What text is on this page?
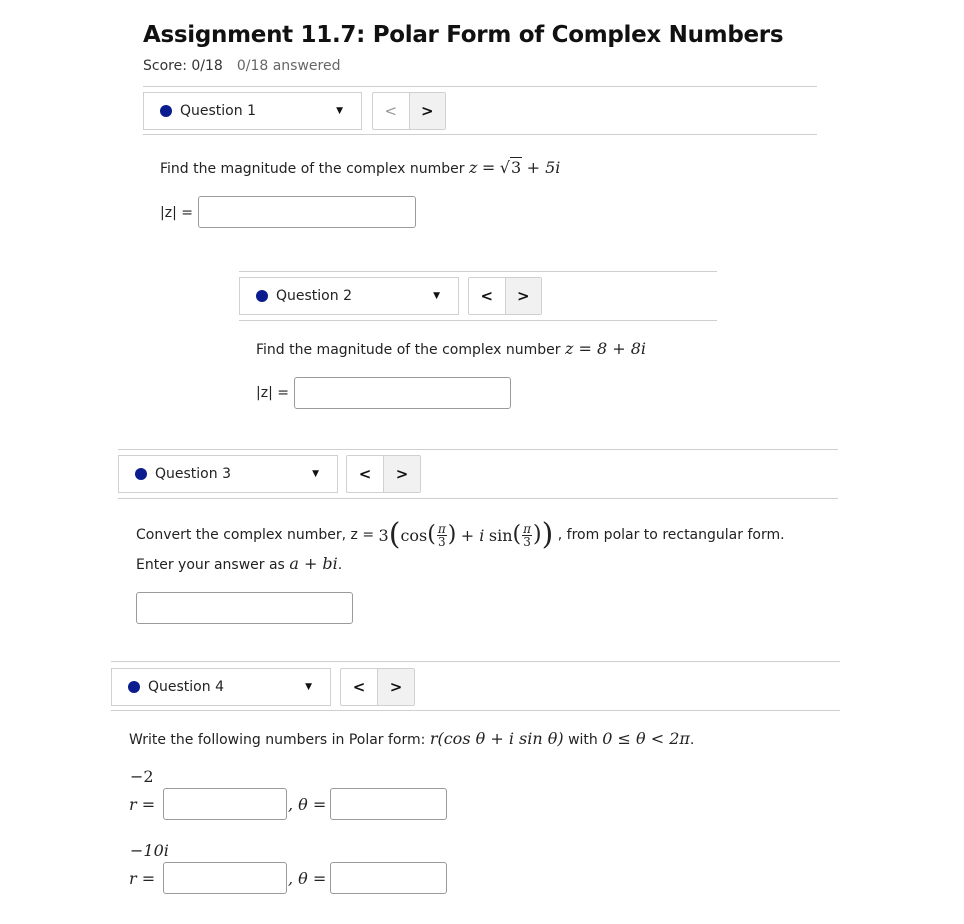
Assignment 11.7: Polar Form of Complex Numbers
Score: 0/18 0/18 answered
Question 1	▼	<	>
Find the magnitude of the complex number z = √3 + 5i
|z| =
Question 2	▼	<	>
Find the magnitude of the complex number z = 8 + 8i
|z| =
Question 3	▼	<	>
Convert the complex number, z =
3 ( cos ( $\frac{\pi}{3}$ )
+ i
sin ( $\frac{\pi}{3}$ ) )
, from polar to rectangular form.
Enter your answer as a + bi.
Question 4	▼	<	>
Write the following numbers in Polar form: r(cos θ + i sin θ) with 0 ≤ θ < 2π.
−2
r =	, θ =
−10i
r =	, θ =
